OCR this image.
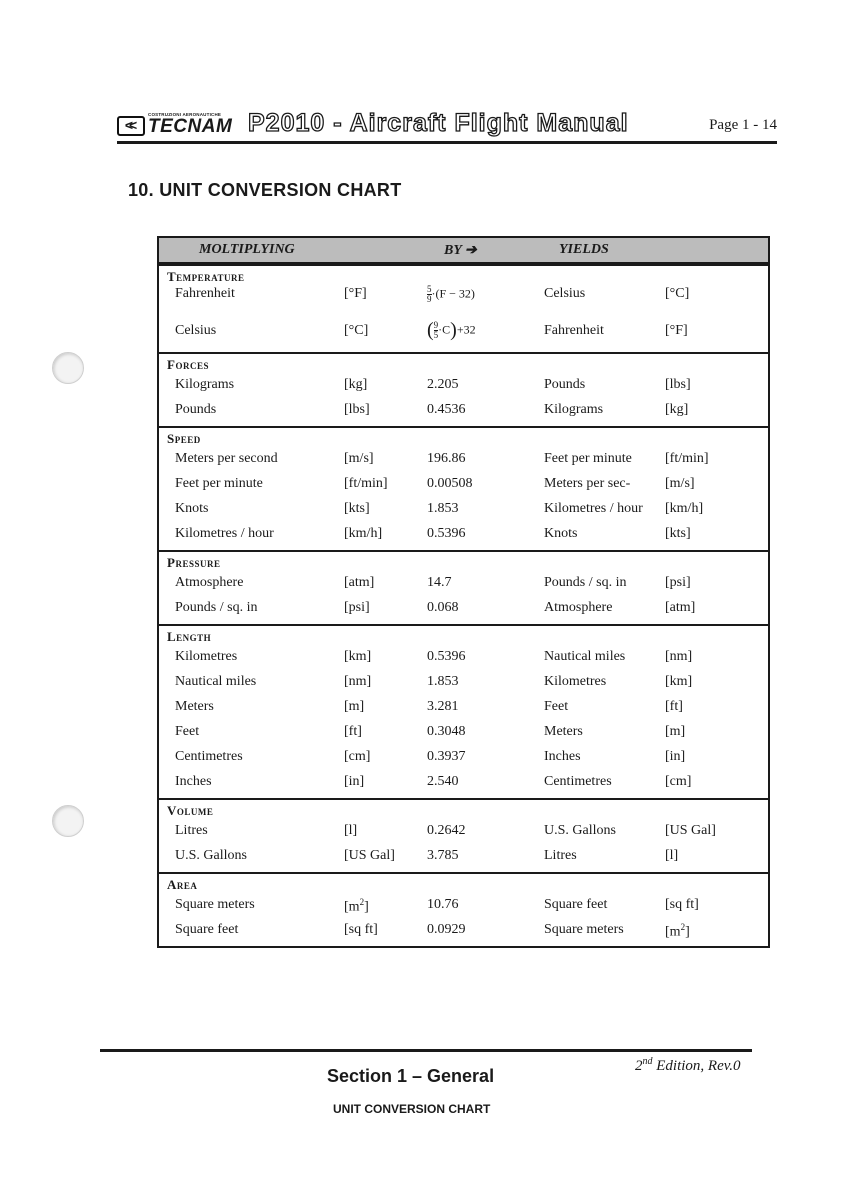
COSTRUZIONI AERONAUTICHE
<< TECNAM P2010 - Aircraft Flight Manual	Page 1 - 14
10. UNIT CONVERSION CHART
MOLTIPLYING	BY ➔	YIELDS
Temperature
Fahrenheit	[°F]	$\frac{5}{9} \cdot(F - 32)$	Celsius	[°C]
Celsius	[°C]	( $\frac{9}{5} \cdot C)+32$	Fahrenheit	[°F]
Forces
Kilograms	[kg]	2.205	Pounds	[lbs]
Pounds	[lbs]	0.4536	Kilograms	[kg]
Speed
Meters per second	[m/s]	196.86	Feet per minute [ft/min]
Feet per minute	[ft/min]	0.00508	Meters per sec- [m/s]
Knots	[kts]	1.853	Kilometres / hour [km/h]
Kilometres / hour	[km/h]	0.5396	Knots	[kts]
Pressure
Atmosphere	[atm]	14.7	Pounds / sq. in	[psi]
Pounds / sq. in	[psi]	0.068	Atmosphere	[atm]
Length
Kilometres	[km]	0.5396	Nautical miles	[nm]
Nautical miles	[nm]	1.853	Kilometres	[km]
Meters	[m]	3.281	Feet	[ft]
Feet	[ft]	0.3048	Meters	[m]
Centimetres	[cm]	0.3937	Inches	[in]
Inches	[in]	2.540	Centimetres	[cm]
Volume
Litres	[l]	0.2642	U.S. Gallons	[US Gal]
U.S. Gallons	[US Gal] 3.785	Litres	[l]
Area
Square meters	$[m^2]$	10.76	Square feet	[sq ft]
Square feet	[sq ft]	0.0929	Square meters	$[m^2]$
2nd Edition, Rev.0
Section 1 – General
UNIT CONVERSION CHART
